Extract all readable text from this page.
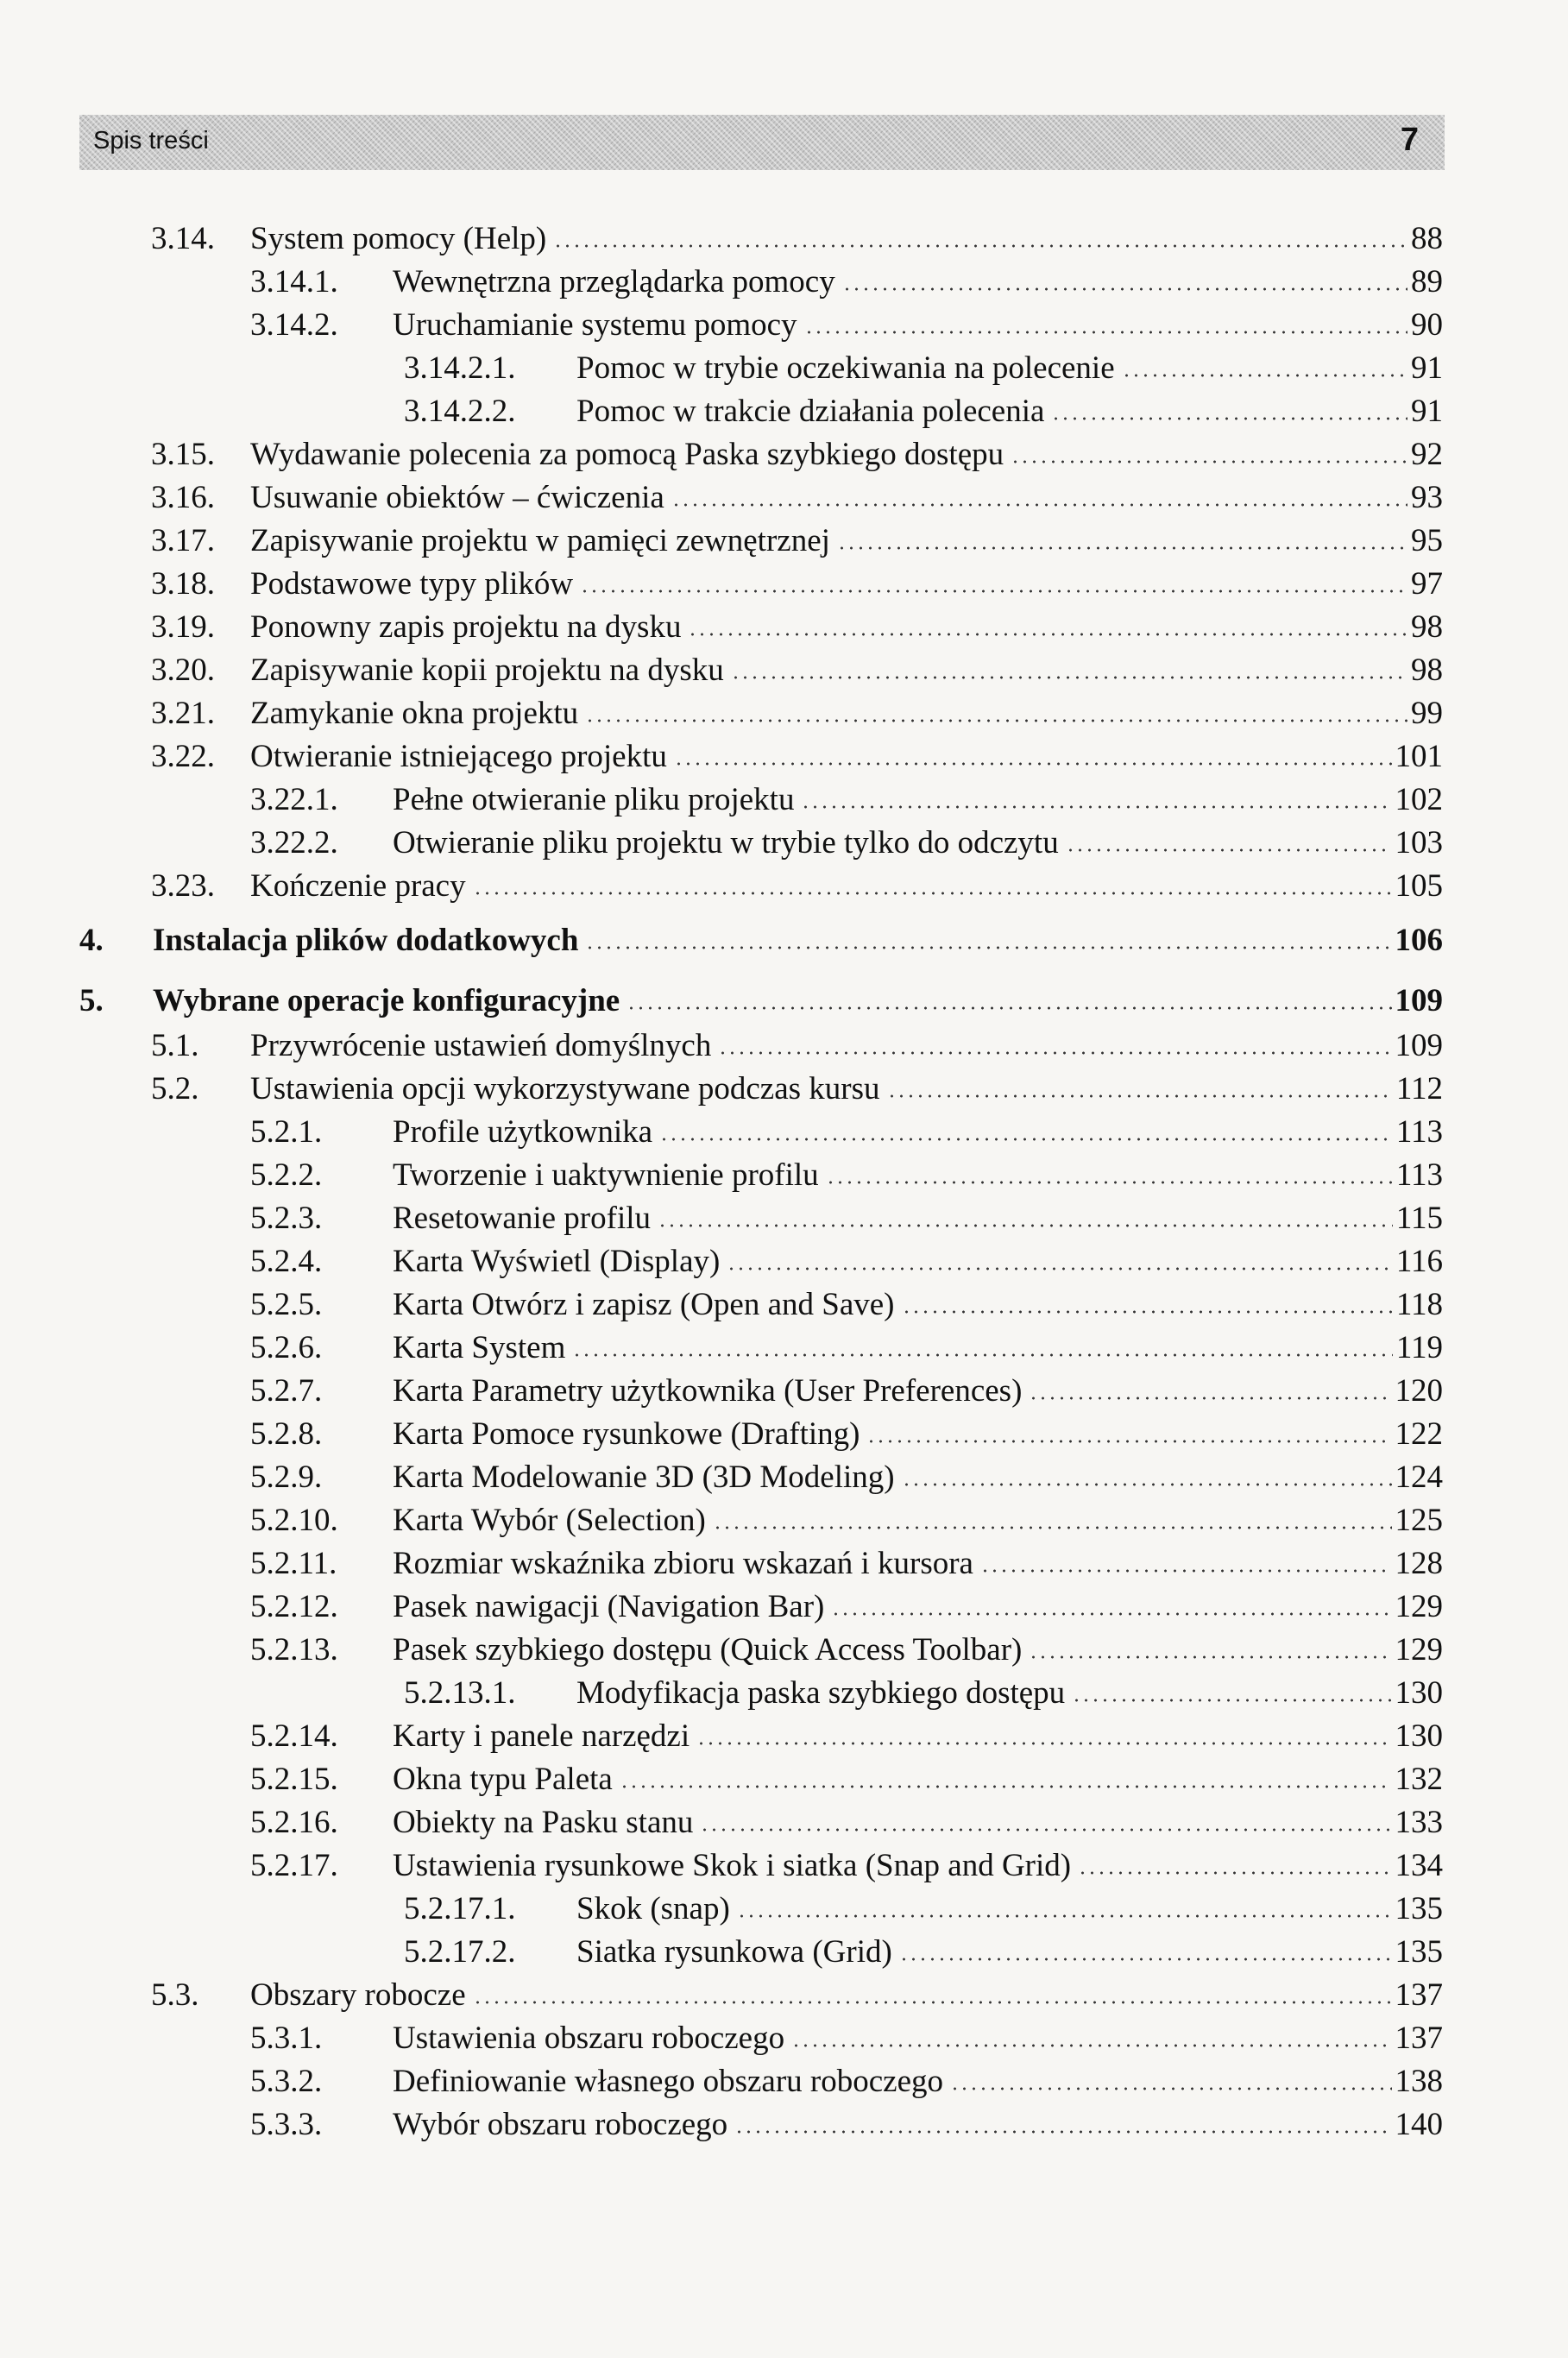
Spis treści	7
3.14.	System pomocy (Help)	88
3.14.1.	Wewnętrzna przeglądarka pomocy	89
3.14.2.	Uruchamianie systemu pomocy	90
3.14.2.1.	Pomoc w trybie oczekiwania na polecenie	91
3.14.2.2.	Pomoc w trakcie działania polecenia	91
3.15.	Wydawanie polecenia za pomocą Paska szybkiego dostępu	92
3.16.	Usuwanie obiektów – ćwiczenia	93
3.17.	Zapisywanie projektu w pamięci zewnętrznej	95
3.18.	Podstawowe typy plików	97
3.19.	Ponowny zapis projektu na dysku	98
3.20.	Zapisywanie kopii projektu na dysku	98
3.21.	Zamykanie okna projektu	99
3.22.	Otwieranie istniejącego projektu	101
3.22.1.	Pełne otwieranie pliku projektu	102
3.22.2.	Otwieranie pliku projektu w trybie tylko do odczytu	103
3.23.	Kończenie pracy	105
4.	Instalacja plików dodatkowych	106
5.	Wybrane operacje konfiguracyjne	109
5.1.	Przywrócenie ustawień domyślnych	109
5.2.	Ustawienia opcji wykorzystywane podczas kursu	112
5.2.1.	Profile użytkownika	113
5.2.2.	Tworzenie i uaktywnienie profilu	113
5.2.3.	Resetowanie profilu	115
5.2.4.	Karta Wyświetl (Display)	116
5.2.5.	Karta Otwórz i zapisz (Open and Save)	118
5.2.6.	Karta System	119
5.2.7.	Karta Parametry użytkownika (User Preferences)	120
5.2.8.	Karta Pomoce rysunkowe (Drafting)	122
5.2.9.	Karta Modelowanie 3D (3D Modeling)	124
5.2.10.	Karta Wybór (Selection)	125
5.2.11.	Rozmiar wskaźnika zbioru wskazań i kursora	128
5.2.12.	Pasek nawigacji (Navigation Bar)	129
5.2.13.	Pasek szybkiego dostępu (Quick Access Toolbar)	129
5.2.13.1.	Modyfikacja paska szybkiego dostępu	130
5.2.14.	Karty i panele narzędzi	130
5.2.15.	Okna typu Paleta	132
5.2.16.	Obiekty na Pasku stanu	133
5.2.17.	Ustawienia rysunkowe Skok i siatka (Snap and Grid)	134
5.2.17.1.	Skok (snap)	135
5.2.17.2.	Siatka rysunkowa (Grid)	135
5.3.	Obszary robocze	137
5.3.1.	Ustawienia obszaru roboczego	137
5.3.2.	Definiowanie własnego obszaru roboczego	138
5.3.3.	Wybór obszaru roboczego	140
